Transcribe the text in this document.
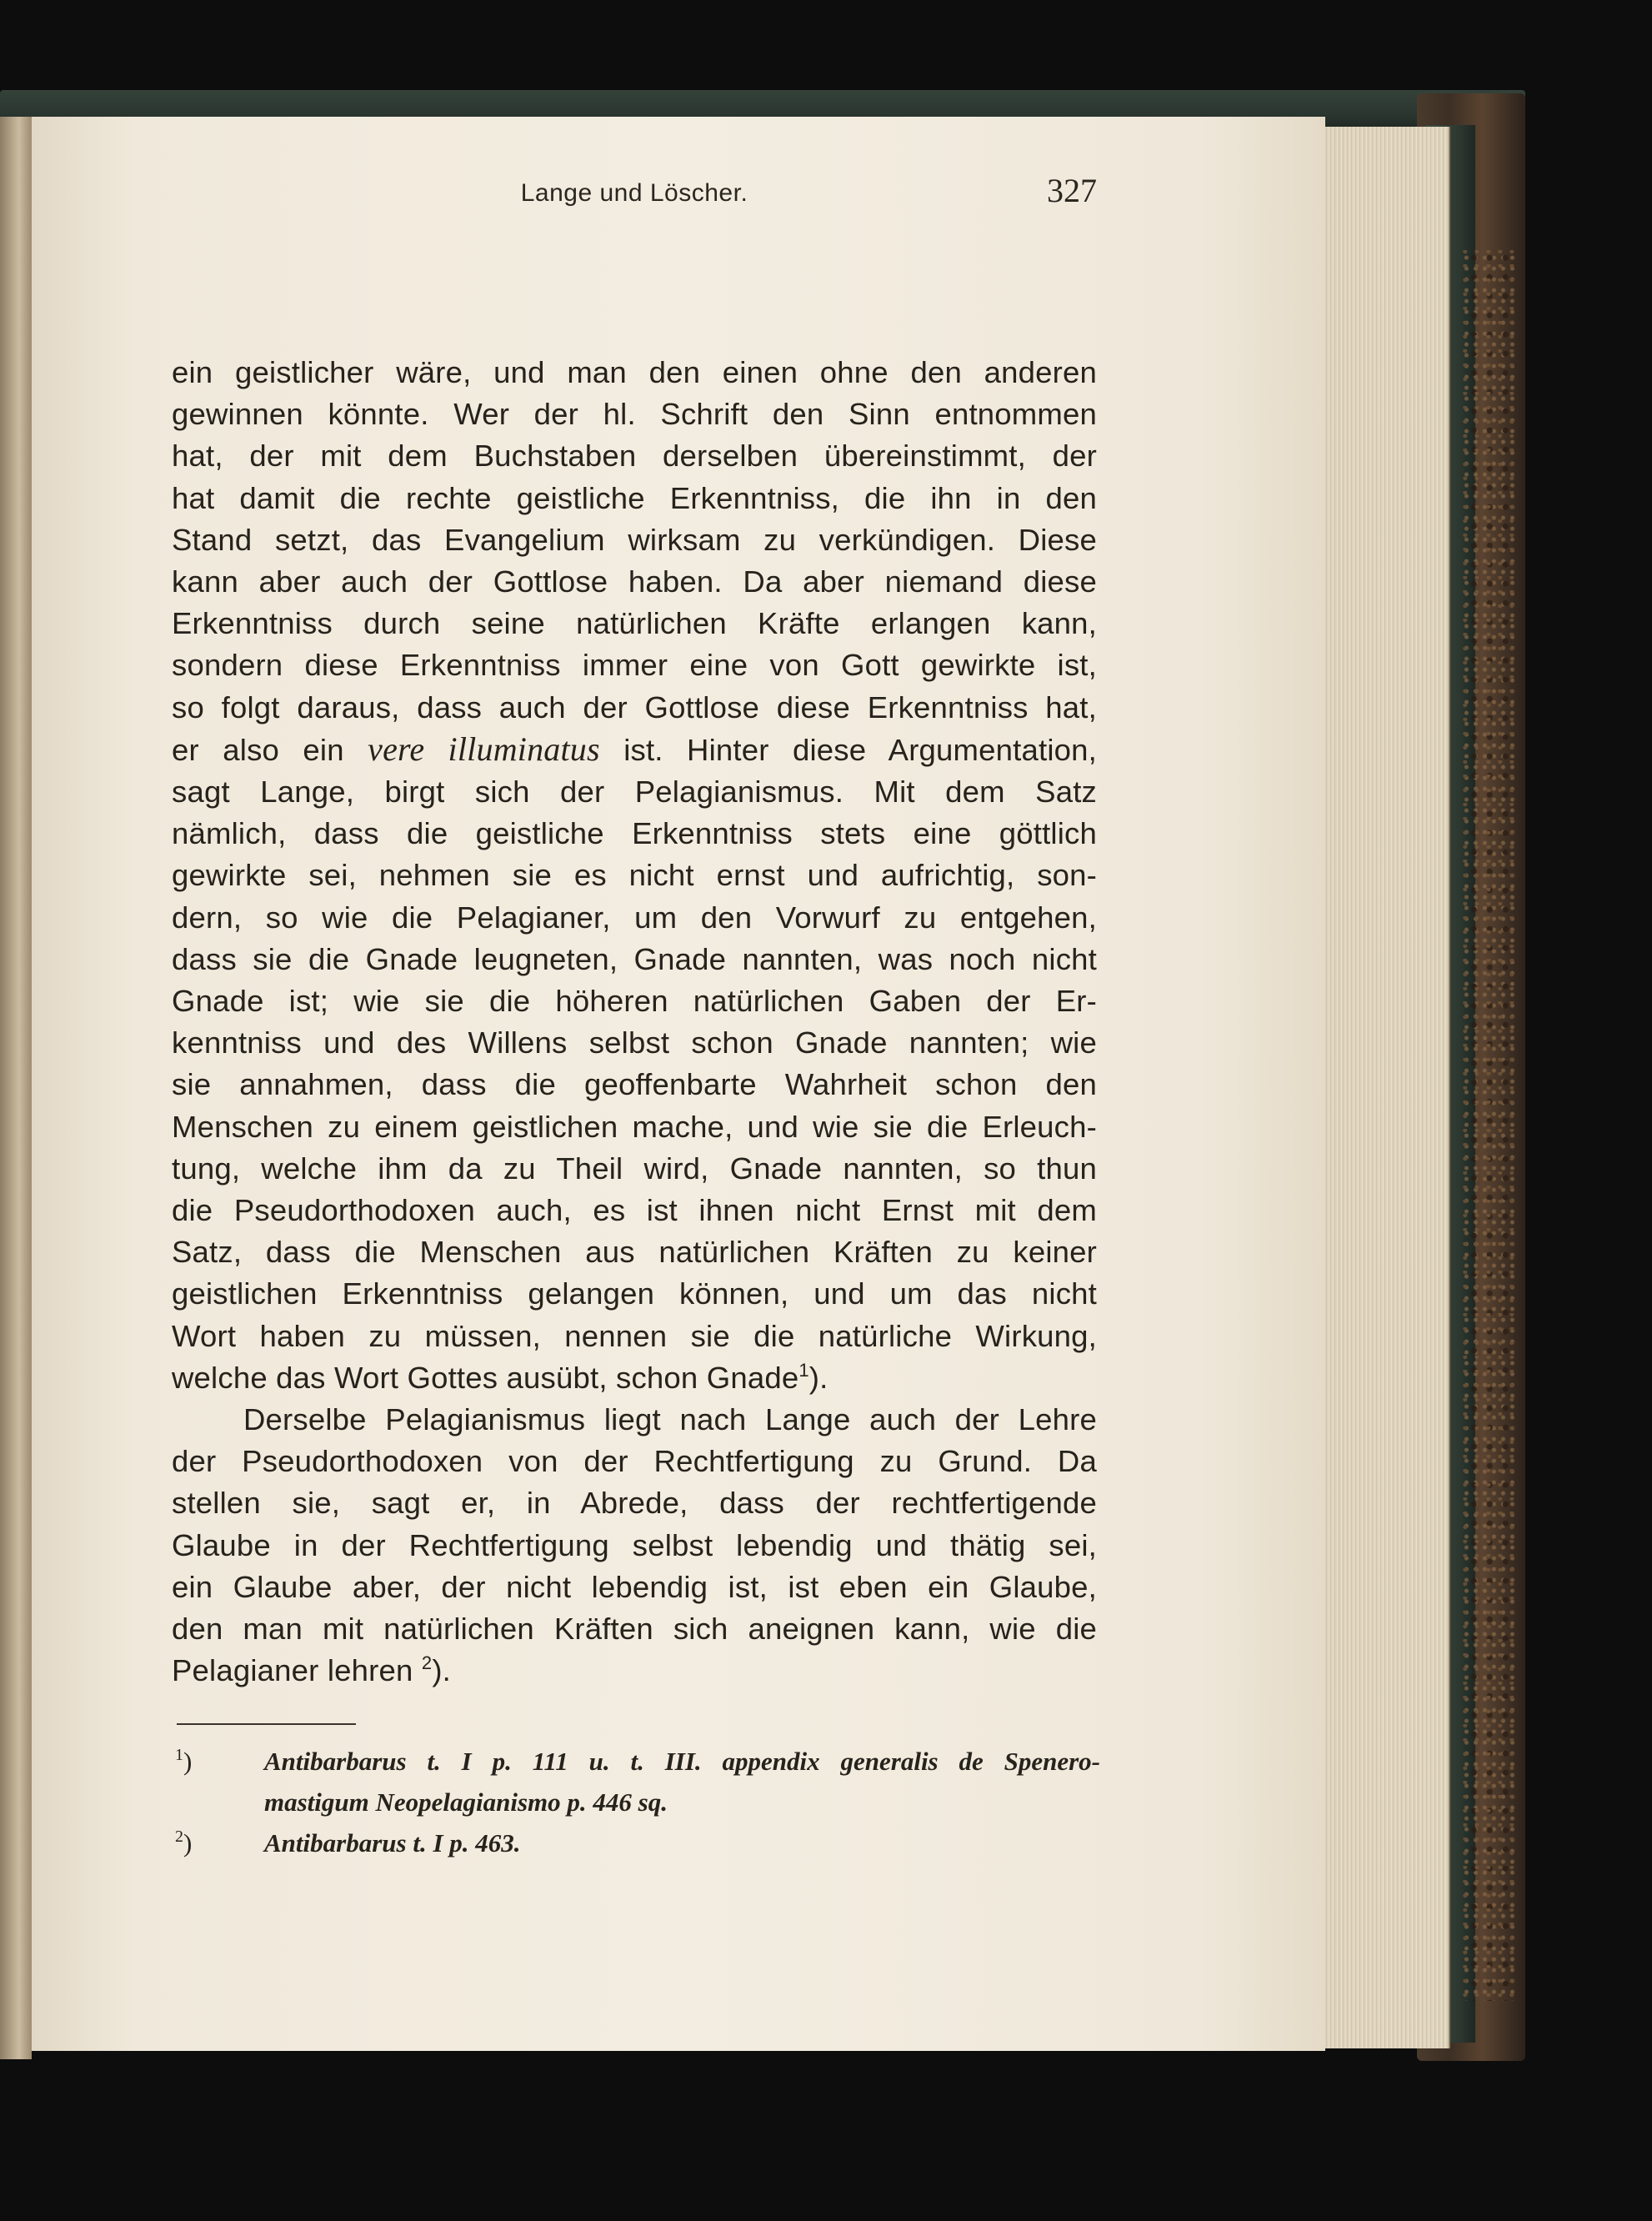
Lange und Löscher.	327
ein geistlicher wäre, und man den einen ohne den anderen
gewinnen könnte. Wer der hl. Schrift den Sinn entnommen
hat, der mit dem Buchstaben derselben übereinstimmt, der
hat damit die rechte geistliche Erkenntniss, die ihn in den
Stand setzt, das Evangelium wirksam zu verkündigen. Diese
kann aber auch der Gottlose haben. Da aber niemand diese
Erkenntniss durch seine natürlichen Kräfte erlangen kann,
sondern diese Erkenntniss immer eine von Gott gewirkte ist,
so folgt daraus, dass auch der Gottlose diese Erkenntniss hat,
er also ein vere illuminatus ist. Hinter diese Argumentation,
sagt Lange, birgt sich der Pelagianismus. Mit dem Satz
nämlich, dass die geistliche Erkenntniss stets eine göttlich
gewirkte sei, nehmen sie es nicht ernst und aufrichtig, son-
dern, so wie die Pelagianer, um den Vorwurf zu entgehen,
dass sie die Gnade leugneten, Gnade nannten, was noch nicht
Gnade ist; wie sie die höheren natürlichen Gaben der Er-
kenntniss und des Willens selbst schon Gnade nannten; wie
sie annahmen, dass die geoffenbarte Wahrheit schon den
Menschen zu einem geistlichen mache, und wie sie die Erleuch-
tung, welche ihm da zu Theil wird, Gnade nannten, so thun
die Pseudorthodoxen auch, es ist ihnen nicht Ernst mit dem
Satz, dass die Menschen aus natürlichen Kräften zu keiner
geistlichen Erkenntniss gelangen können, und um das nicht
Wort haben zu müssen, nennen sie die natürliche Wirkung,
welche das Wort Gottes ausübt, schon Gnade$^1$).
Derselbe Pelagianismus liegt nach Lange auch der Lehre
der Pseudorthodoxen von der Rechtfertigung zu Grund. Da
stellen sie, sagt er, in Abrede, dass der rechtfertigende
Glaube in der Rechtfertigung selbst lebendig und thätig sei,
ein Glaube aber, der nicht lebendig ist, ist eben ein Glaube,
den man mit natürlichen Kräften sich aneignen kann, wie die
Pelagianer lehren $^2$).
$^1$)	Antibarbarus t. I p. 111 u. t. III. appendix generalis de Spenero-
mastigum Neopelagianismo p. 446 sq.
$^2$)	Antibarbarus t. I p. 463.
